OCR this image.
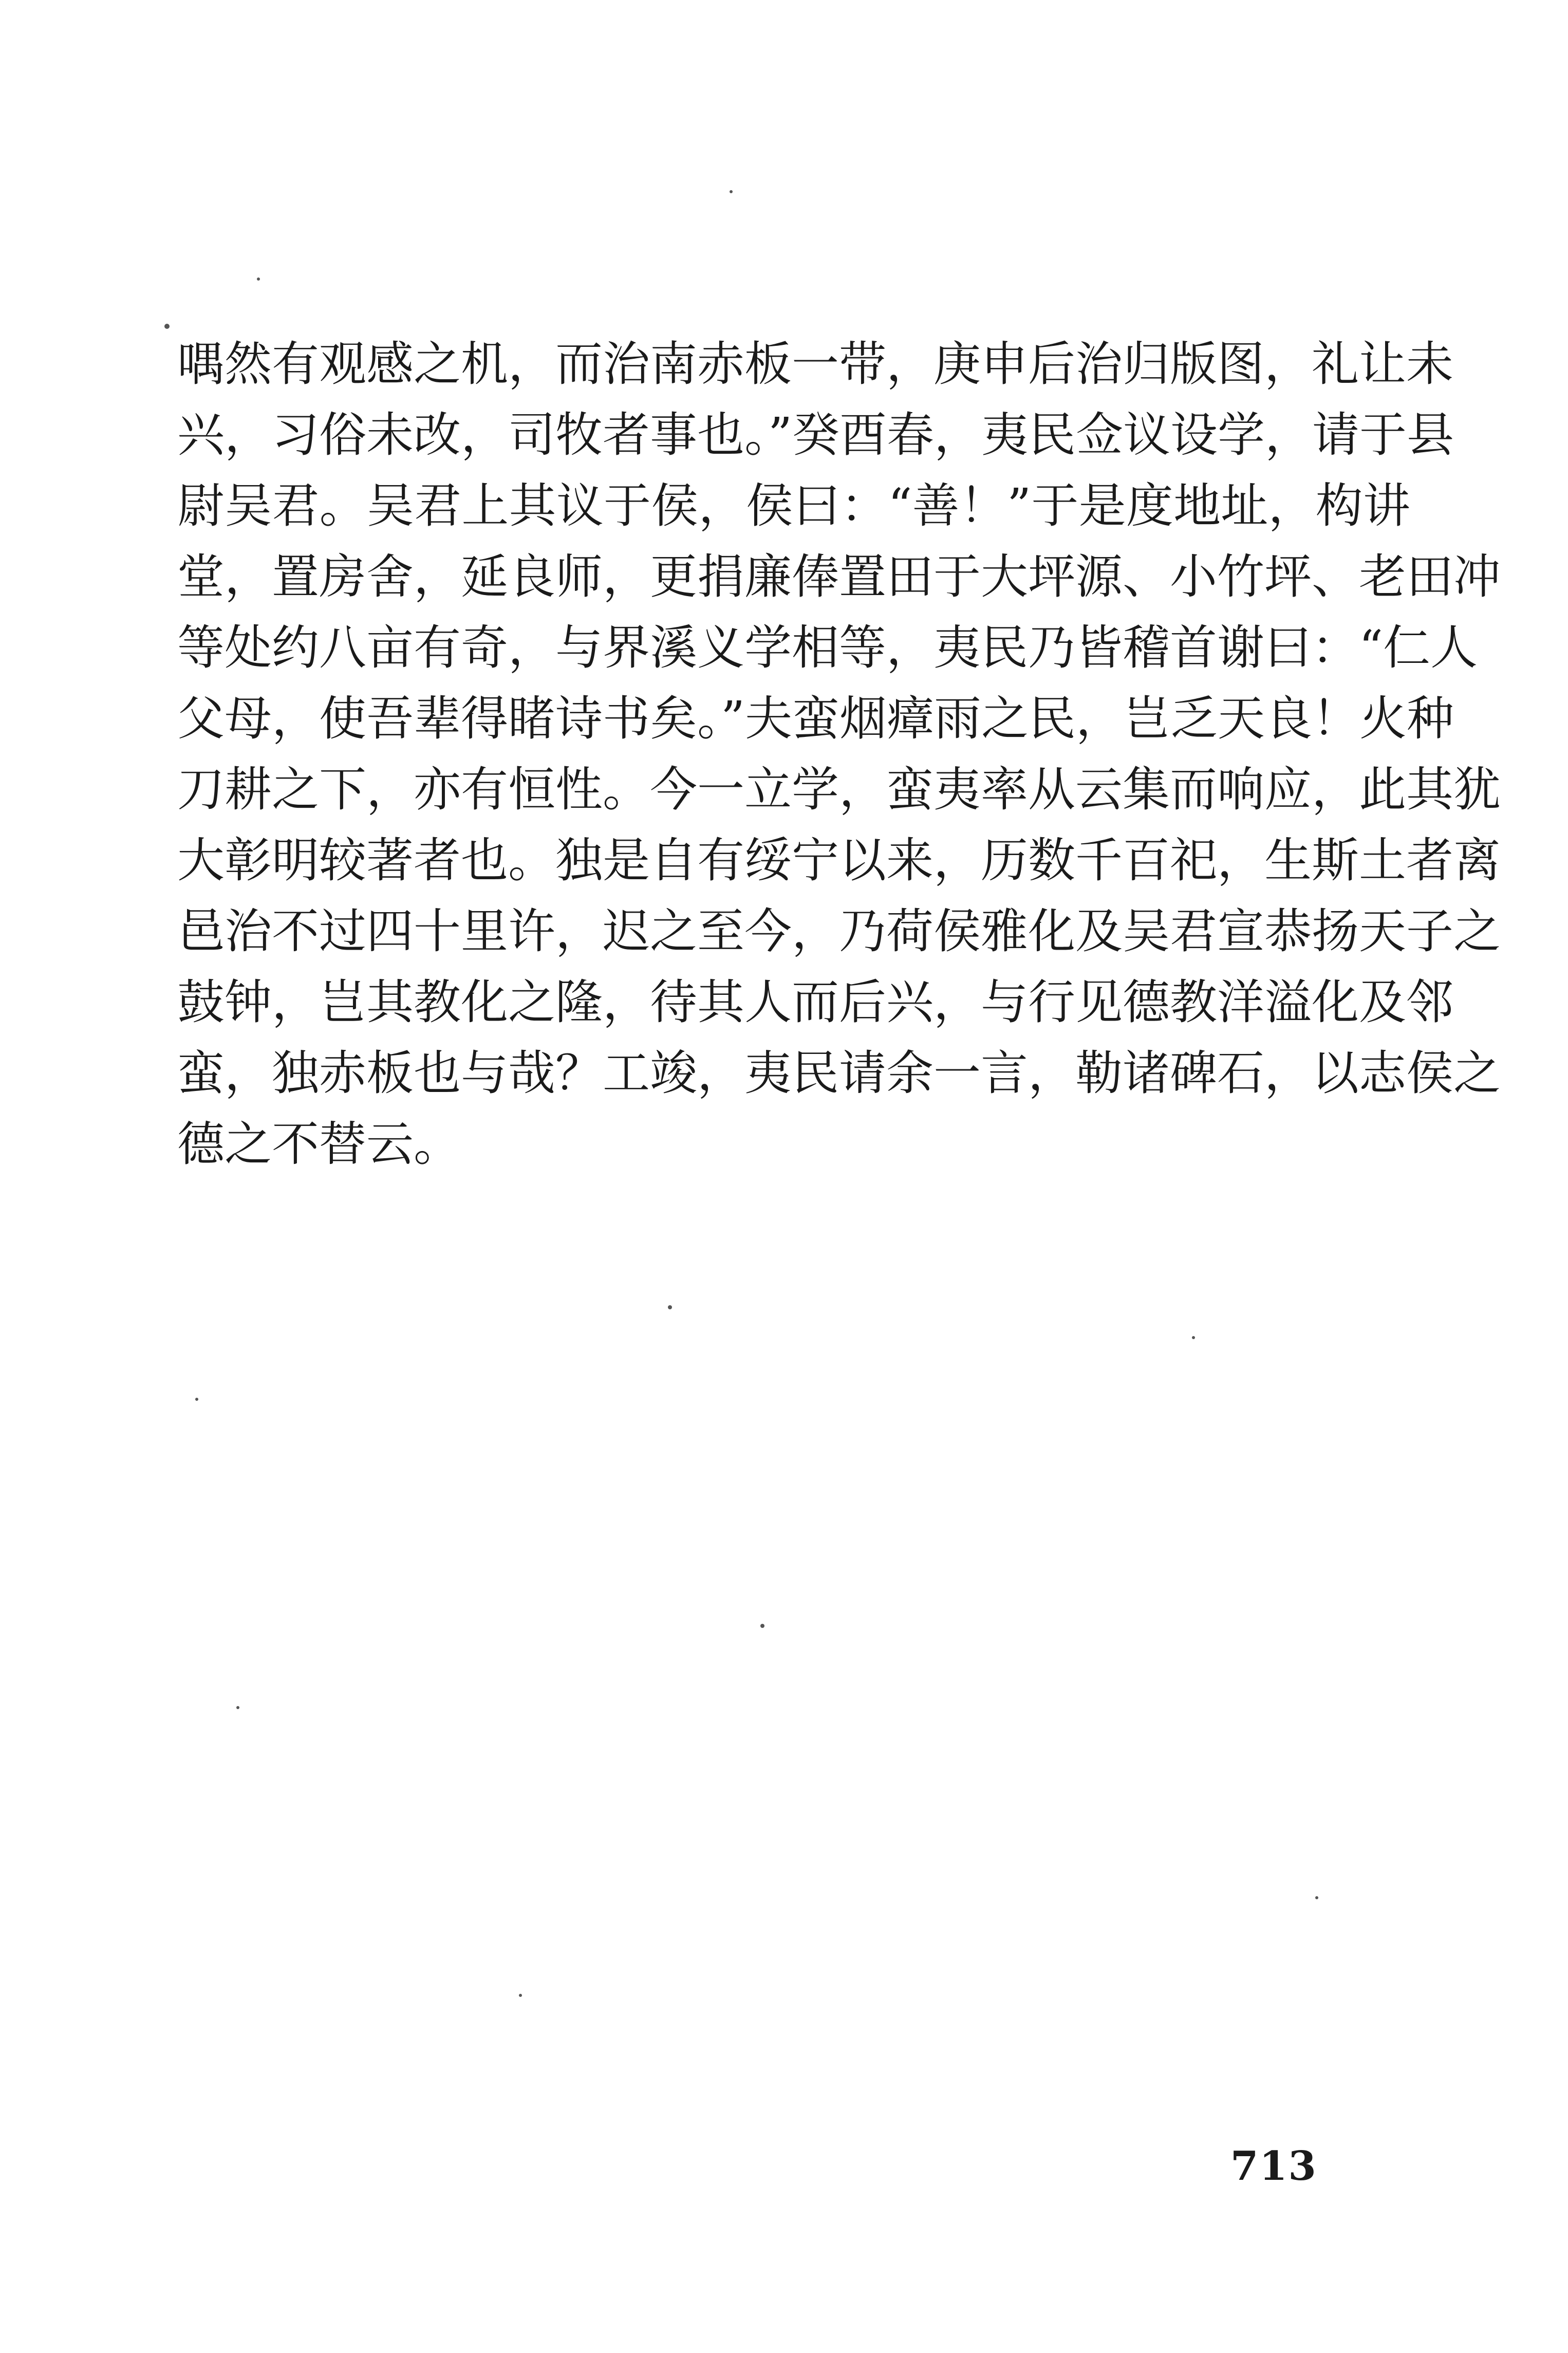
喁然有观感之机，而治南赤板一带，庚申后治归版图，礼让未
兴，习俗未改，司牧者事也。”癸酉春，夷民佥议设学，请于县
尉吴君。吴君上其议于侯，侯曰：“善！”于是度地址，构讲
堂，置房舍，延良师，更捐廉俸置田于大坪源、小竹坪、老田冲
等处约八亩有奇，与界溪义学相等，夷民乃皆稽首谢曰：“仁人
父母，使吾辈得睹诗书矣。”夫蛮烟瘴雨之民，岂乏天良！火种
刀耕之下，亦有恒性。今一立学，蛮夷率从云集而响应，此其犹
大彰明较著者也。独是自有绥宁以来，历数千百祀，生斯土者离
邑治不过四十里许，迟之至今，乃荷侯雅化及吴君宣恭扬天子之
鼓钟，岂其教化之隆，待其人而后兴，与行见德教洋溢化及邻
蛮，独赤板也与哉？工竣，夷民请余一言，勒诸碑石，以志侯之
德之不替云。
713
